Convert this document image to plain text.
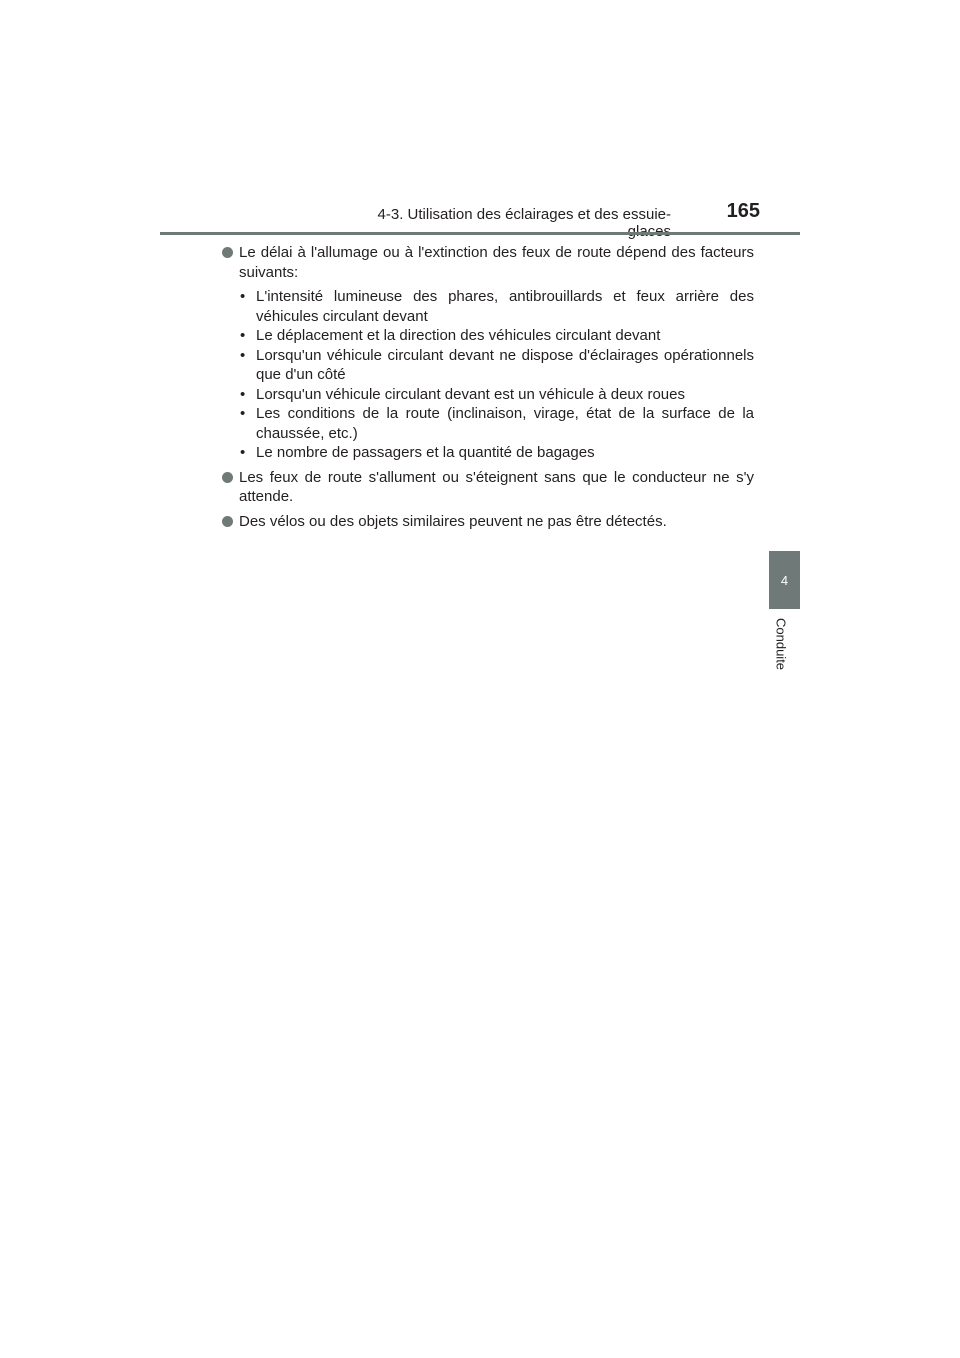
4-3. Utilisation des éclairages et des essuie-	165
4
Conduite
Le délai à l'allumage ou à l'extinction des feux de route dépend des facteurs suivants:
• L'intensité lumineuse des phares, antibrouillards et feux arrière des véhicules circulant devant
• Le déplacement et la direction des véhicules circulant devant
• Lorsqu'un véhicule circulant devant ne dispose d'éclairages opérationnels que d'un côté
• Lorsqu'un véhicule circulant devant est un véhicule à deux roues
• Les conditions de la route (inclinaison, virage, état de la surface de la chaussée, etc.)
• Le nombre de passagers et la quantité de bagages
Les feux de route s'allument ou s'éteignent sans que le conducteur ne s'y attende.
Des vélos ou des objets similaires peuvent ne pas être détectés.
